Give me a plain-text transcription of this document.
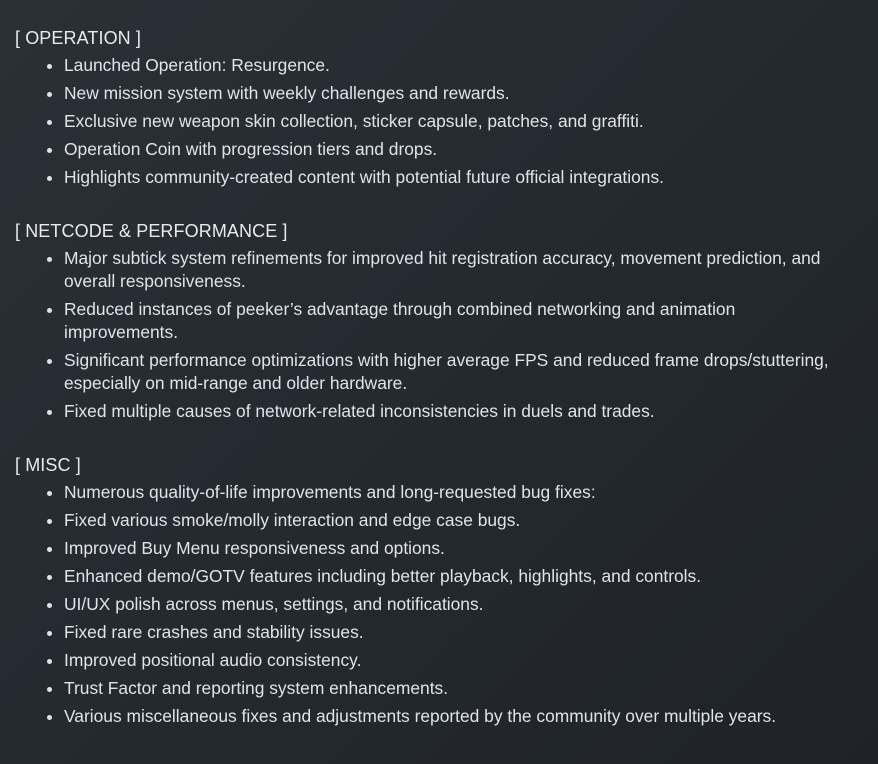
[ OPERATION ]
Launched Operation: Resurgence.
New mission system with weekly challenges and rewards.
Exclusive new weapon skin collection, sticker capsule, patches, and graffiti.
Operation Coin with progression tiers and drops.
Highlights community-created content with potential future official integrations.
[ NETCODE & PERFORMANCE ]
Major subtick system refinements for improved hit registration accuracy, movement prediction, and overall responsiveness.
Reduced instances of peeker’s advantage through combined networking and animation improvements.
Significant performance optimizations with higher average FPS and reduced frame drops/stuttering, especially on mid-range and older hardware.
Fixed multiple causes of network-related inconsistencies in duels and trades.
[ MISC ]
Numerous quality-of-life improvements and long-requested bug fixes:
Fixed various smoke/molly interaction and edge case bugs.
Improved Buy Menu responsiveness and options.
Enhanced demo/GOTV features including better playback, highlights, and controls.
UI/UX polish across menus, settings, and notifications.
Fixed rare crashes and stability issues.
Improved positional audio consistency.
Trust Factor and reporting system enhancements.
Various miscellaneous fixes and adjustments reported by the community over multiple years.
